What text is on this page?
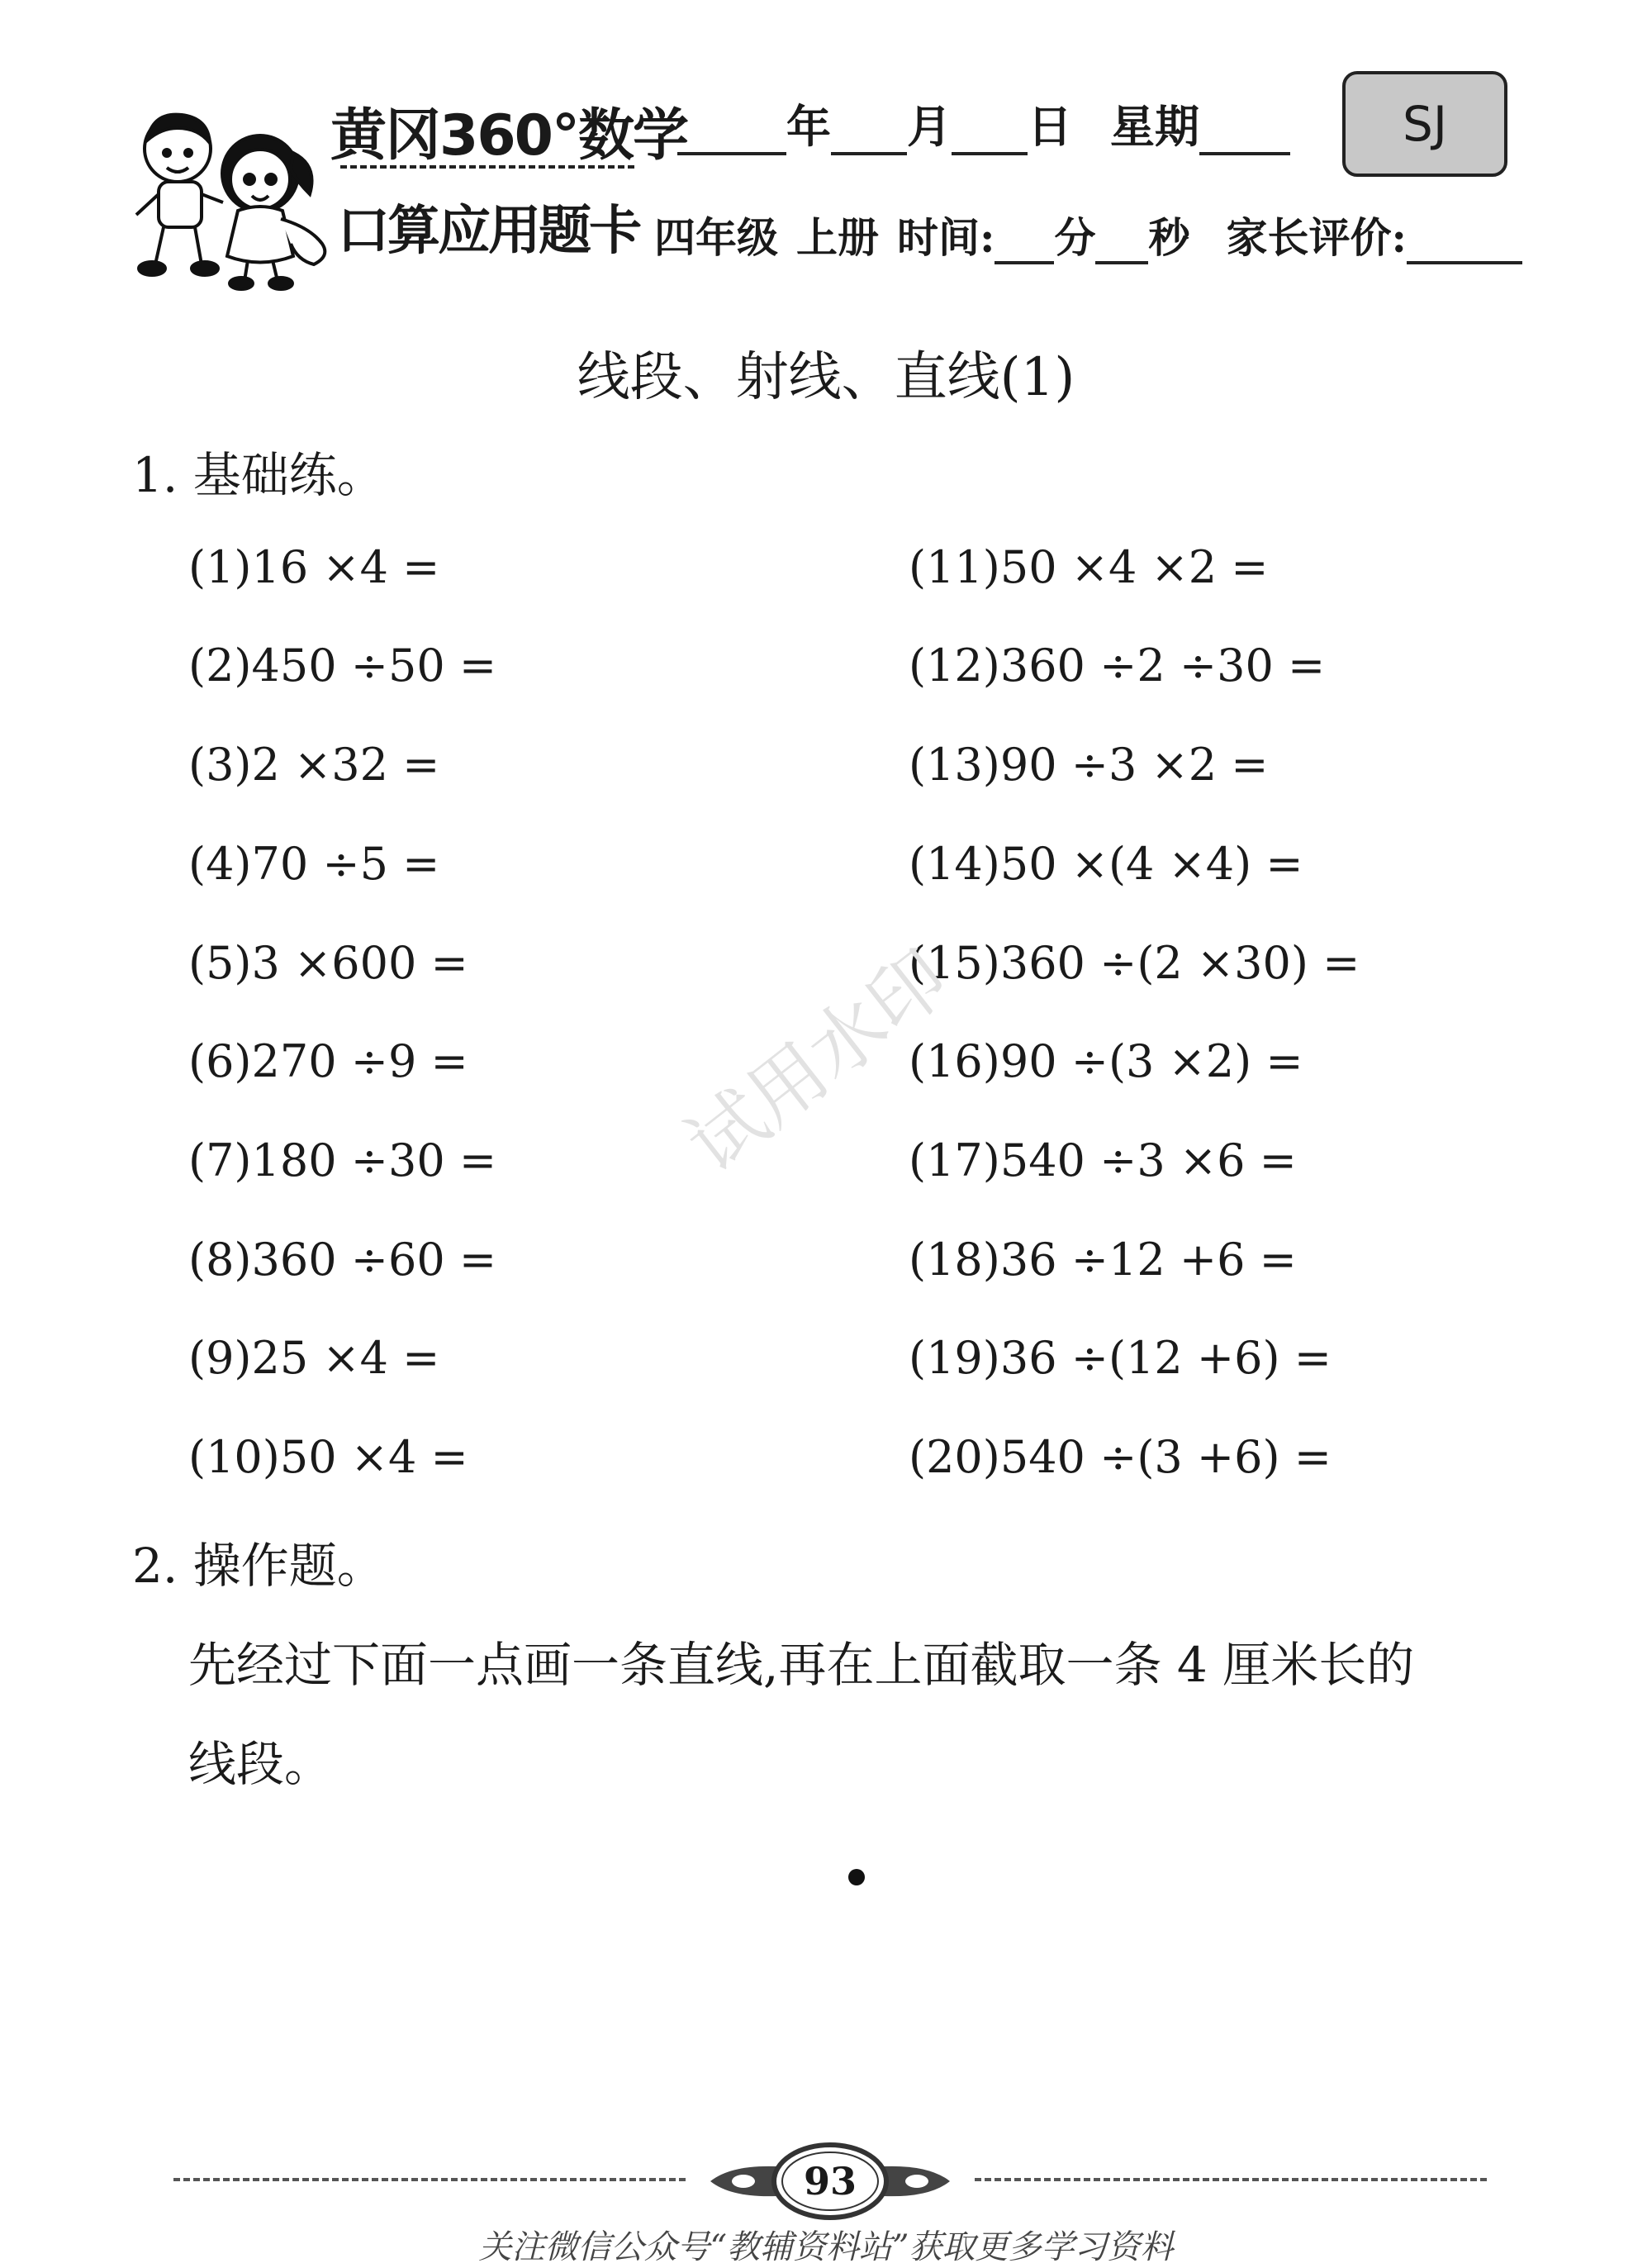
黄冈360°数学
口算应用题卡
年 月 日 星期	SJ
四年级 上册 时间: 分 秒 家长评价:
线段、射线、直线(1)
1. 基础练。
(1)16 ×4 =
(2)450 ÷50 =
(3)2 ×32 =
(4)70 ÷5 =
(5)3 ×600 =
(6)270 ÷9 =
(7)180 ÷30 =
(8)360 ÷60 =
(9)25 ×4 =
(10)50 ×4 =
(11)50 ×4 ×2 =
(12)360 ÷2 ÷30 =
(13)90 ÷3 ×2 =
(14)50 ×(4 ×4) =
(15)360 ÷(2 ×30) =
(16)90 ÷(3 ×2) =
(17)540 ÷3 ×6 =
(18)36 ÷12 +6 =
(19)36 ÷(12 +6) =
(20)540 ÷(3 +6) =
2. 操作题。
先经过下面一点画一条直线,再在上面截取一条 4 厘米长的
线段。
试用水印
93
关注微信公众号“教辅资料站”获取更多学习资料
